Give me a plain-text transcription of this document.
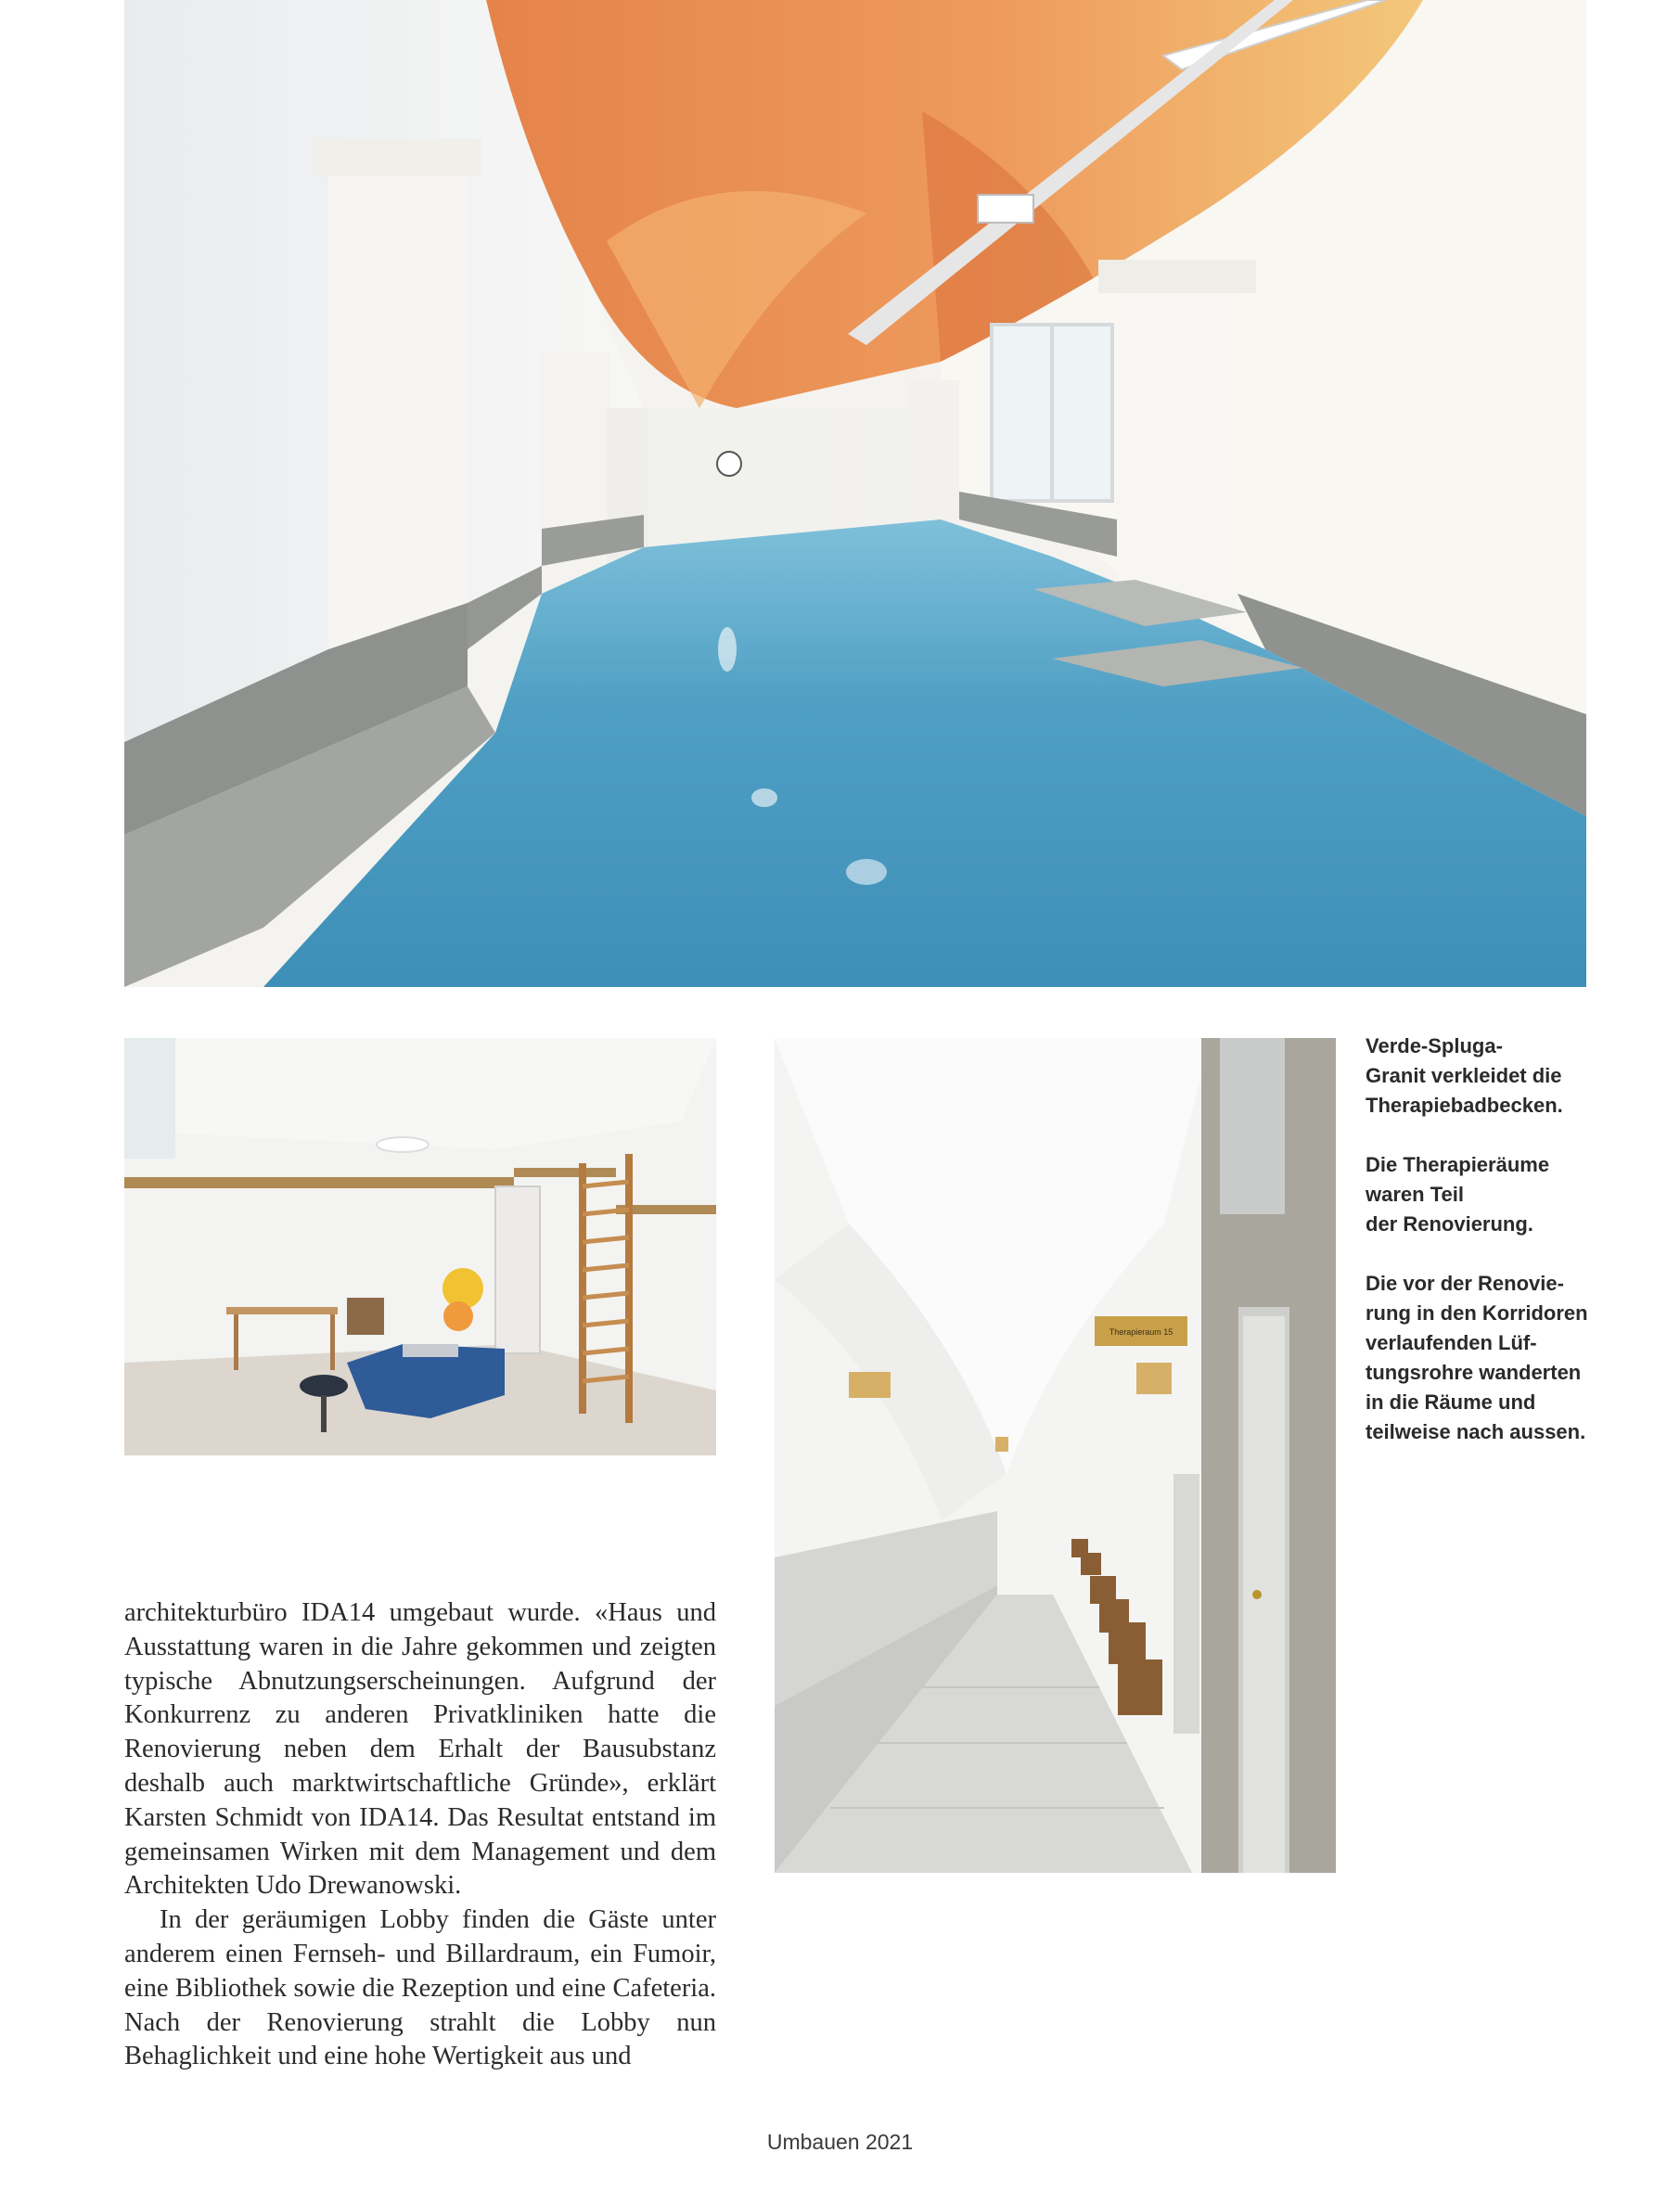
Therapieraum 15

Verde-Spluga-
Granit verkleidet die
Therapiebadbecken.

Die Therapieräume
waren Teil
der Renovierung.

Die vor der Renovie-
rung in den Korridoren
verlaufenden Lüf-
tungsrohre wanderten
in die Räume und
teilweise nach aussen.

architekturbüro IDA14 umgebaut wurde. «Haus und Ausstattung waren in die Jahre gekommen und zeigten typische Abnutzungserscheinungen. Aufgrund der Konkurrenz zu anderen Privatkliniken hatte die Renovierung neben dem Erhalt der Bausubstanz deshalb auch marktwirtschaftliche Gründe», erklärt Karsten Schmidt von IDA14. Das Resultat entstand im gemeinsamen Wirken mit dem Management und dem Architekten Udo Drewanowski.

In der geräumigen Lobby finden die Gäste unter anderem einen Fernseh- und Billardraum, ein Fumoir, eine Bibliothek sowie die Rezeption und eine Cafeteria. Nach der Renovierung strahlt die Lobby nun Behaglichkeit und eine hohe Wertigkeit aus und

Umbauen 2021
